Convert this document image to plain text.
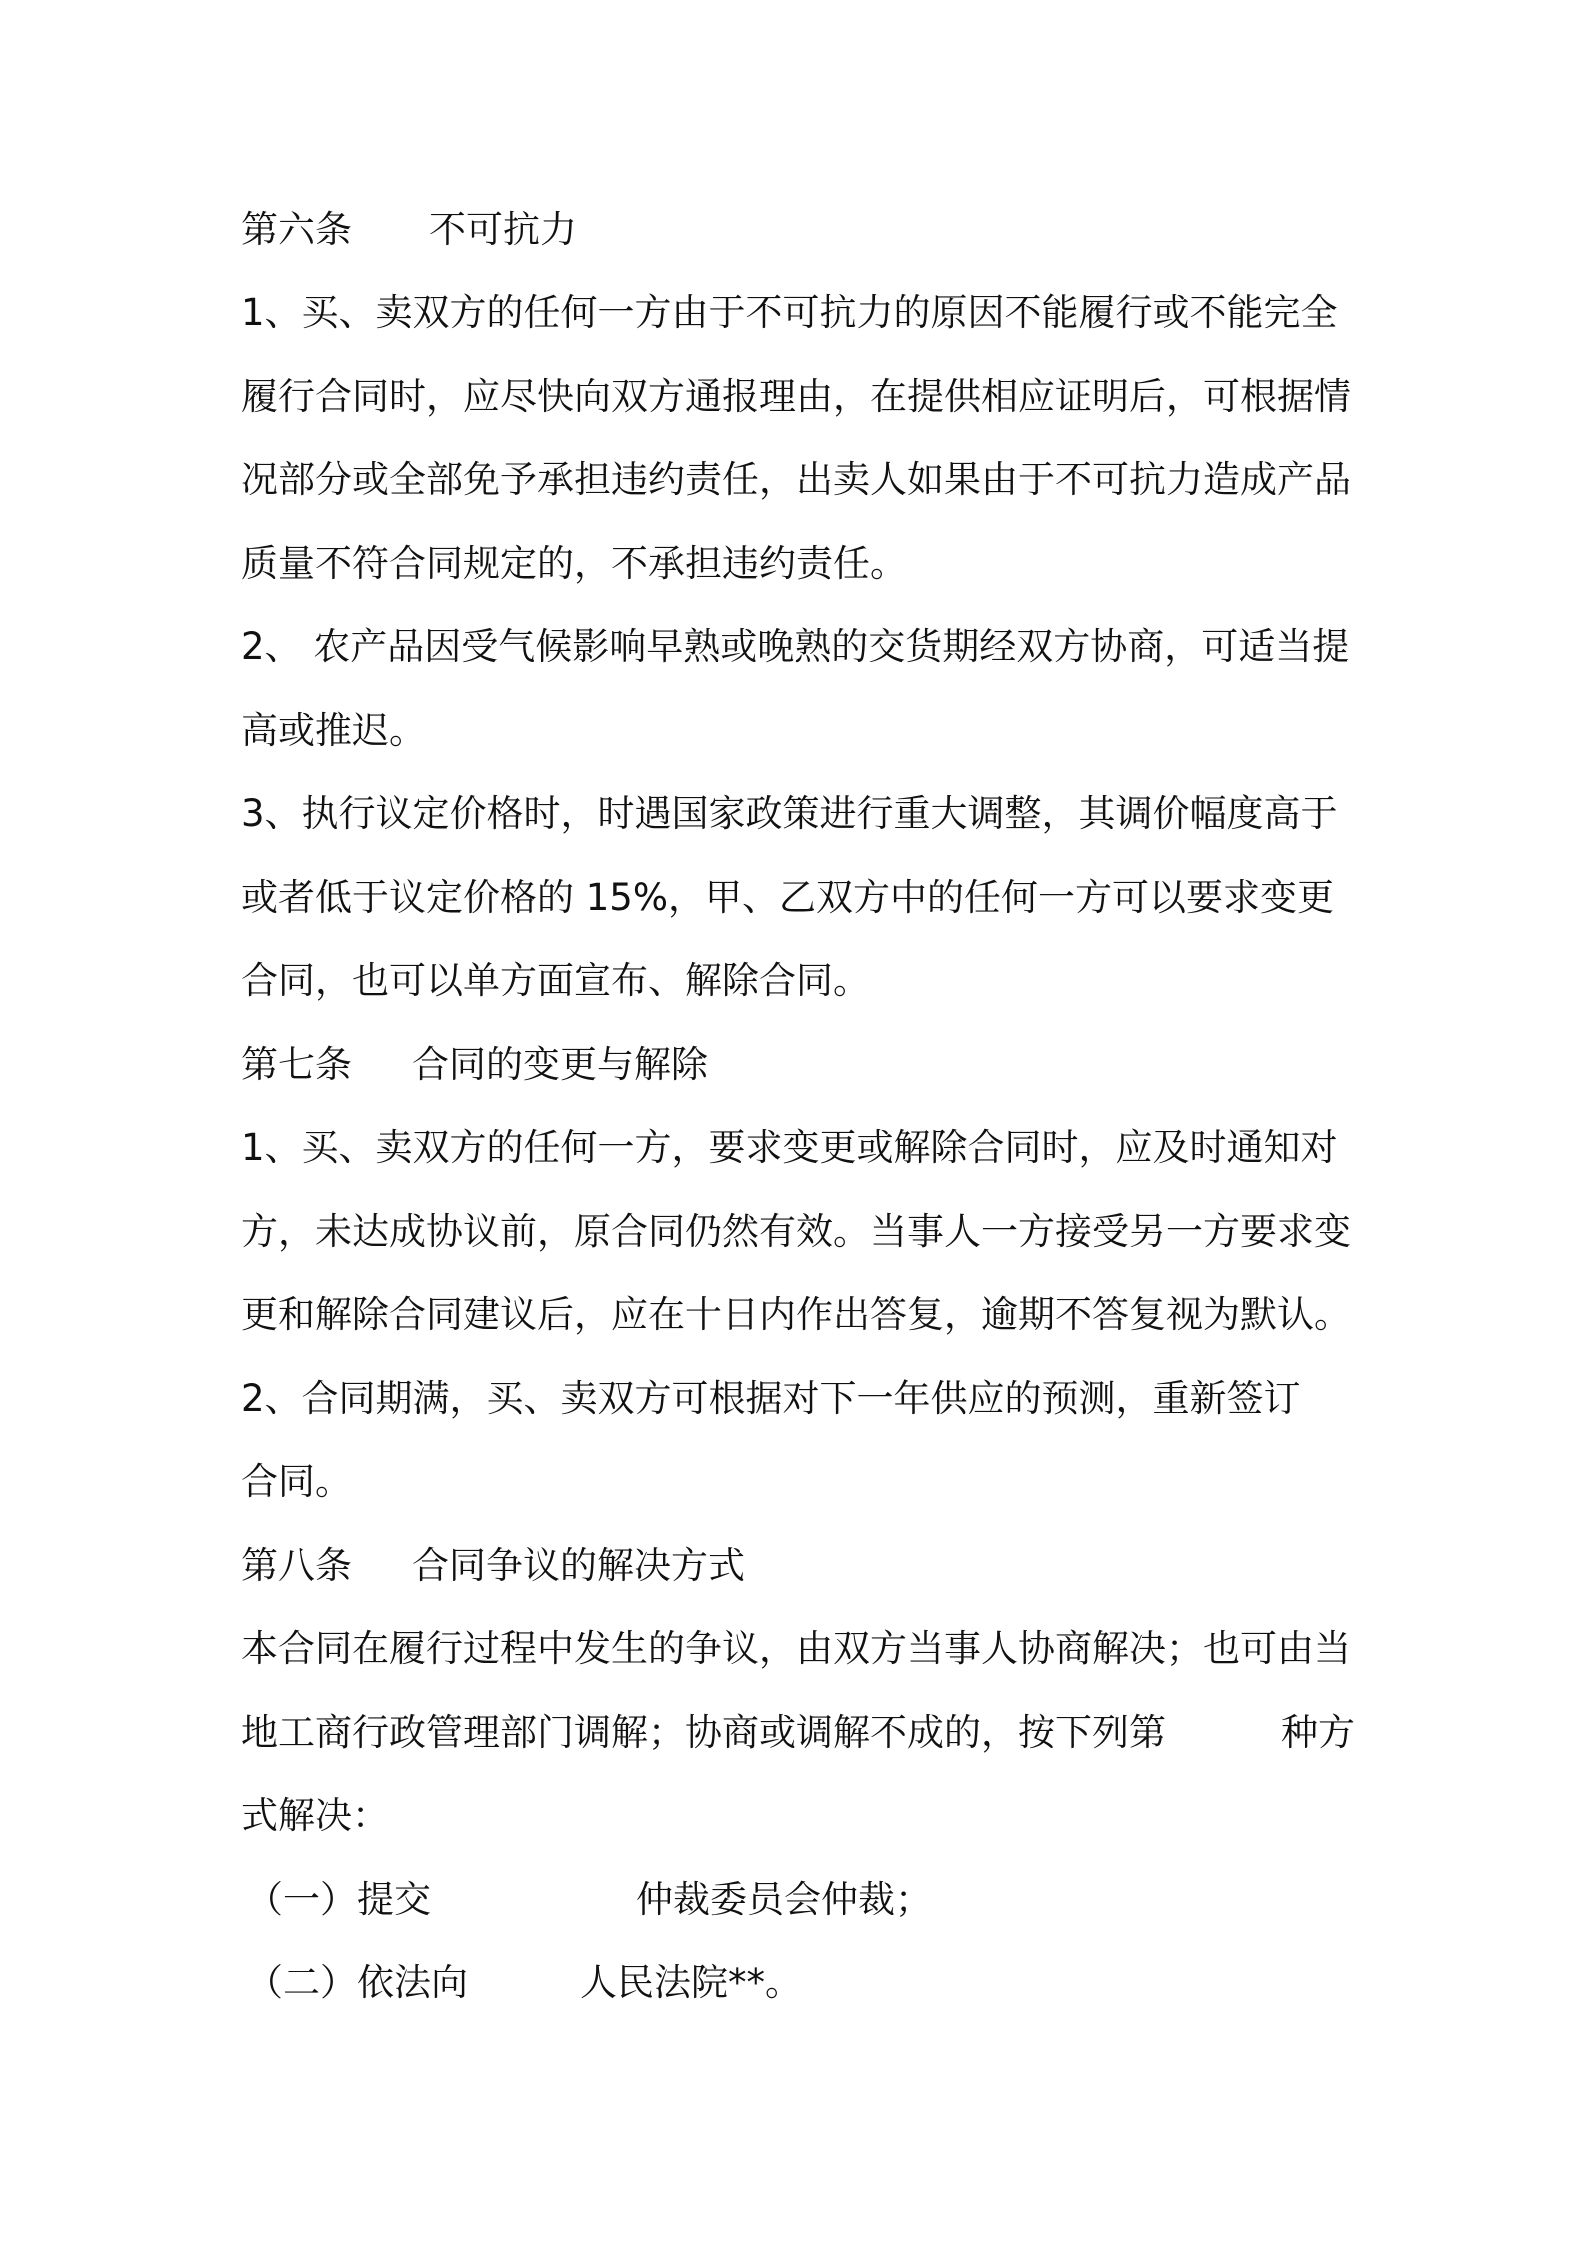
第六条 不可抗力
1、买、卖双方的任何一方由于不可抗力的原因不能履行或不能完全
履行合同时，应尽快向双方通报理由，在提供相应证明后，可根据情
况部分或全部免予承担违约责任，出卖人如果由于不可抗力造成产品
质量不符合同规定的，不承担违约责任。
2、 农产品因受气候影响早熟或晚熟的交货期经双方协商，可适当提
高或推迟。
3、执行议定价格时，时遇国家政策进行重大调整，其调价幅度高于
或者低于议定价格的 15%，甲、乙双方中的任何一方可以要求变更
合同，也可以单方面宣布、解除合同。
第七条 合同的变更与解除
1、买、卖双方的任何一方，要求变更或解除合同时，应及时通知对
方，未达成协议前，原合同仍然有效。当事人一方接受另一方要求变
更和解除合同建议后，应在十日内作出答复，逾期不答复视为默认。
2、合同期满，买、卖双方可根据对下一年供应的预测，重新签订
合同。
第八条 合同争议的解决方式
本合同在履行过程中发生的争议，由双方当事人协商解决；也可由当
地工商行政管理部门调解；协商或调解不成的，按下列第	种方
式解决：
（一）提交	仲裁委员会仲裁；
（二）依法向	人民法院**。
